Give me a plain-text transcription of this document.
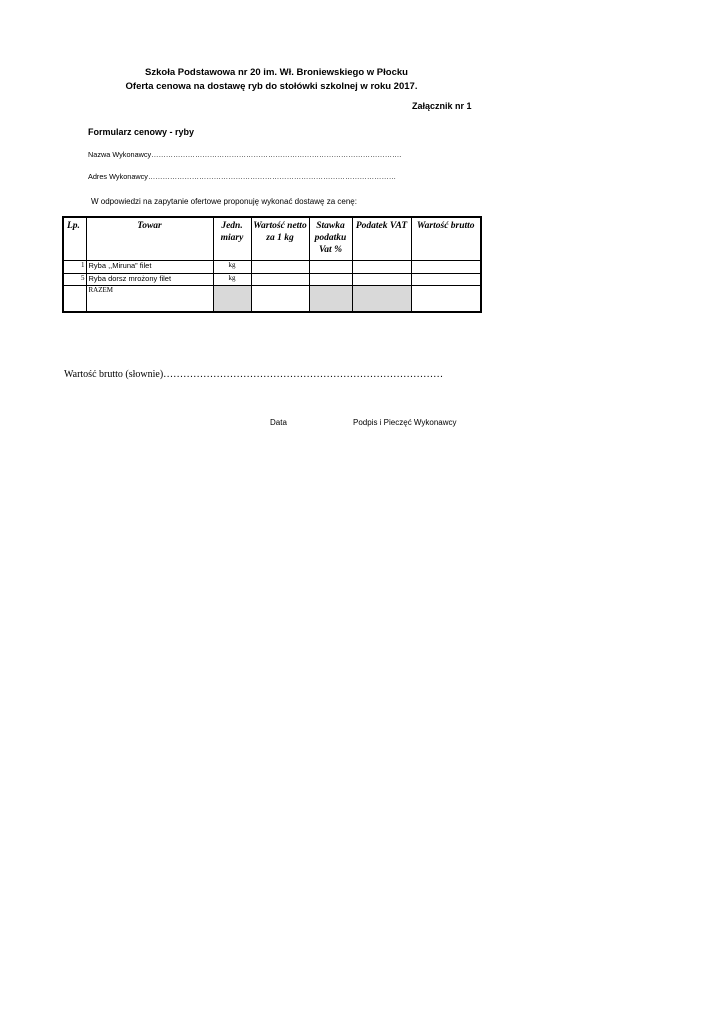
Szkoła Podstawowa nr 20 im. Wł. Broniewskiego w Płocku
Oferta cenowa na dostawę ryb do stołówki szkolnej w roku 2017.
Załącznik nr 1
Formularz cenowy - ryby
Nazwa Wykonawcy………………………………………………………………………………………….
Adres Wykonawcy…………………………………………………………………………………………
W odpowiedzi na zapytanie ofertowe proponuję wykonać dostawę za cenę:
Lp.	Towar	Jedn. miary	Wartość netto za 1 kg	Stawka podatku Vat %	Podatek VAT	Wartość brutto
1	Ryba ,,Miruna” filet	kg				
5	Ryba dorsz mrożony filet	kg				
	RAZEM					
Wartość brutto (słownie)…………………………………………………………………………
Data	Podpis i Pieczęć Wykonawcy
